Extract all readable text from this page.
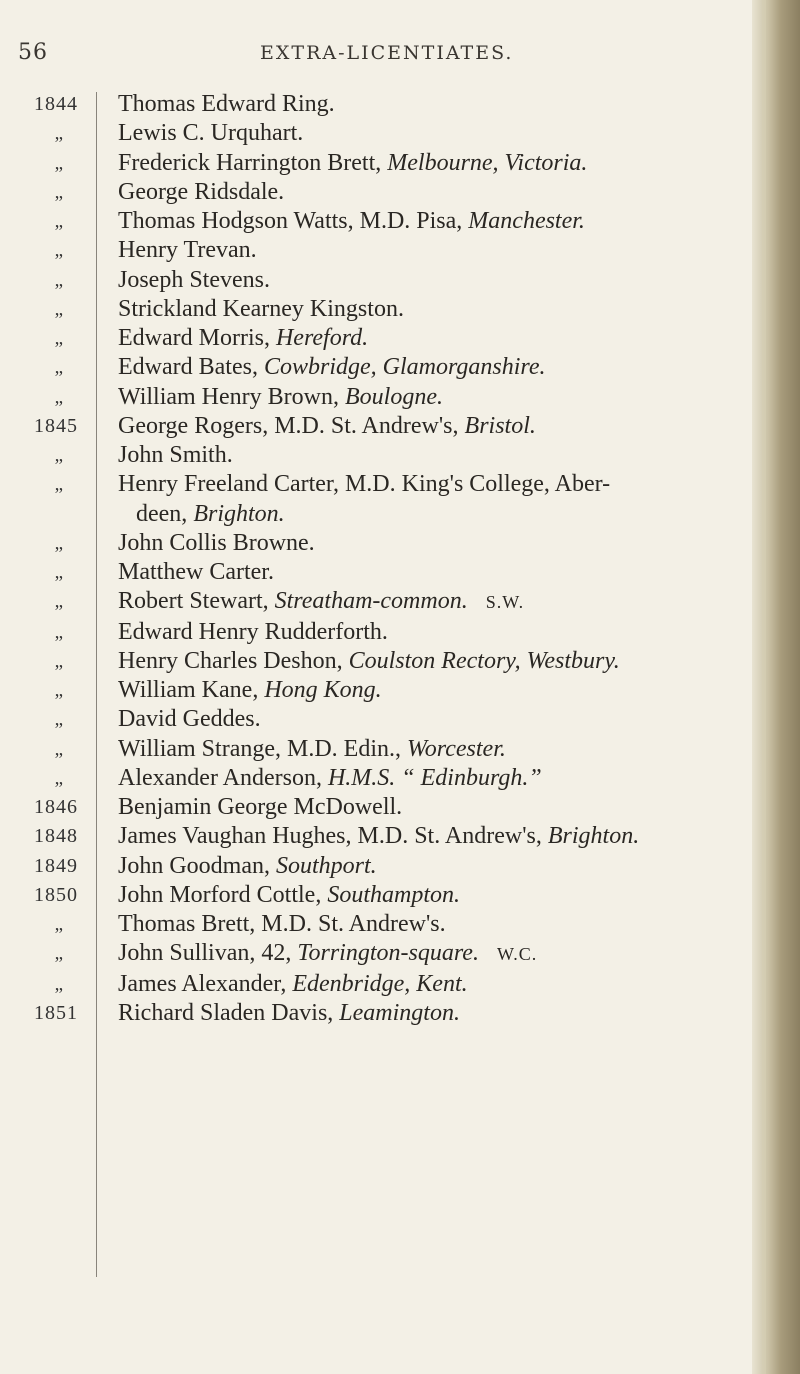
56	EXTRA-LICENTIATES.
1844	Thomas Edward Ring.
„	Lewis C. Urquhart.
„	Frederick Harrington Brett, Melbourne, Victoria.
„	George Ridsdale.
„	Thomas Hodgson Watts, M.D. Pisa, Manchester.
„	Henry Trevan.
„	Joseph Stevens.
„	Strickland Kearney Kingston.
„	Edward Morris, Hereford.
„	Edward Bates, Cowbridge, Glamorganshire.
„	William Henry Brown, Boulogne.
1845	George Rogers, M.D. St. Andrew's, Bristol.
„	John Smith.
„	Henry Freeland Carter, M.D. King's College, Aber-
deen, Brighton.
„	John Collis Browne.
„	Matthew Carter.
„	Robert Stewart, Streatham-common. S.W.
„	Edward Henry Rudderforth.
„	Henry Charles Deshon, Coulston Rectory, Westbury.
„	William Kane, Hong Kong.
„	David Geddes.
„	William Strange, M.D. Edin., Worcester.
„	Alexander Anderson, H.M.S. “ Edinburgh.”
1846	Benjamin George McDowell.
1848	James Vaughan Hughes, M.D. St. Andrew's, Brighton.
1849	John Goodman, Southport.
1850	John Morford Cottle, Southampton.
„	Thomas Brett, M.D. St. Andrew's.
„	John Sullivan, 42, Torrington-square. W.C.
„	James Alexander, Edenbridge, Kent.
1851	Richard Sladen Davis, Leamington.
